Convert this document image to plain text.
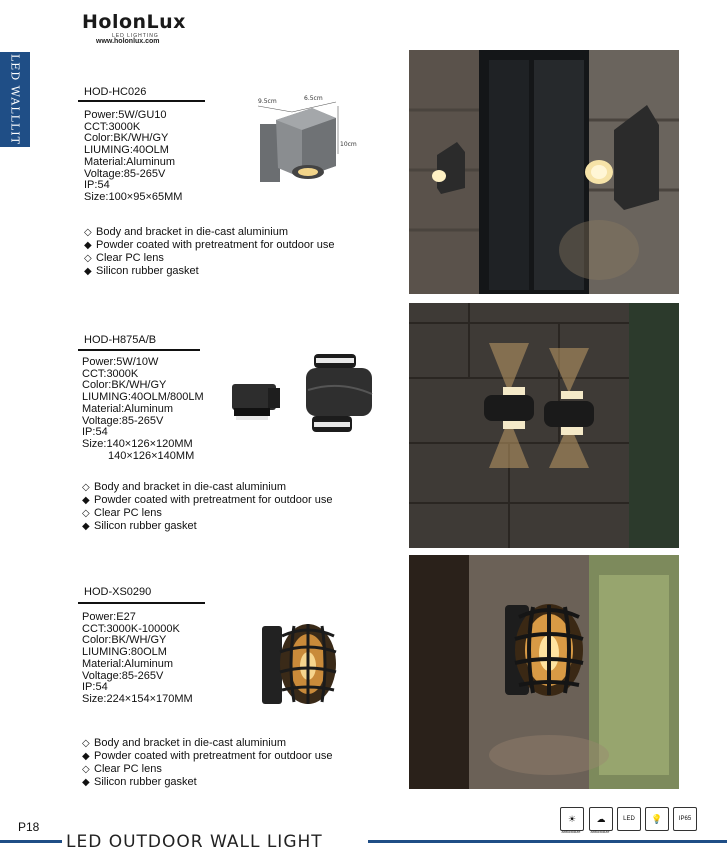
HolonLux
LED LIGHTING
www.holonlux.com
LED WALLLIT	HOD-HC026
Power:5W/GU10
CCT:3000K
Color:BK/WH/GY
LIUMING:40OLM
Material:Aluminum
Voltage:85-265V
IP:54
Size:100×95×65MM
◇ Body and bracket in die-cast aluminium
◆ Powder coated with pretreatment for outdoor use
◇ Clear PC lens
◆ Silicon rubber gasket
9.5cm	6.5cm
10cm
HOD-H875A/B
Power:5W/10W
CCT:3000K
Color:BK/WH/GY
LIUMING:40OLM/800LM
Material:Aluminum
Voltage:85-265V
IP:54
Size:140×126×120MM
140×126×140MM
◇ Body and bracket in die-cast aluminium
◆ Powder coated with pretreatment for outdoor use
◇ Clear PC lens
◆ Silicon rubber gasket
HOD-XS0290
Power:E27
CCT:3000K-10000K
Color:BK/WH/GY
LIUMING:80OLM
Material:Aluminum
Voltage:85-265V
IP:54
Size:224×154×170MM
◇ Body and bracket in die-cast aluminium
◆ Powder coated with pretreatment for outdoor use
◇ Clear PC lens
◆ Silicon rubber gasket
P18
LED OUTDOOR WALL LIGHT
☀
antioxidize
☁
antioxidize
LED	💡	IP65
